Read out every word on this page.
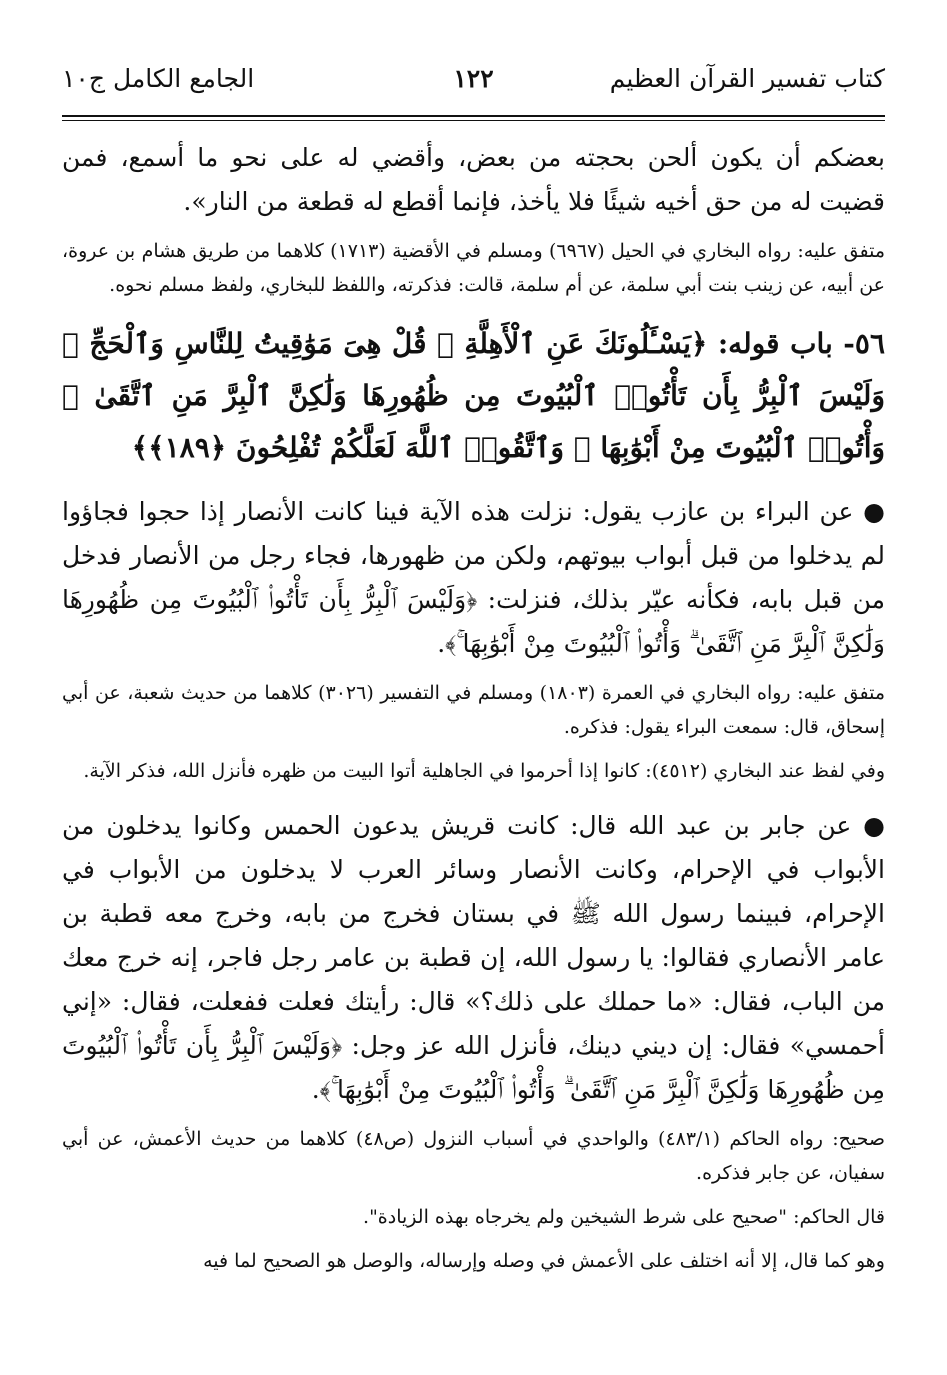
كتاب تفسير القرآن العظيم
١٢٢
الجامع الكامل ج١٠

بعضكم أن يكون ألحن بحجته من بعض، وأقضي له على نحو ما أسمع، فمن قضيت له من حق أخيه شيئًا فلا يأخذ، فإنما أقطع له قطعة من النار».

متفق عليه: رواه البخاري في الحيل (٦٩٦٧) ومسلم في الأقضية (١٧١٣) كلاهما من طريق هشام بن عروة، عن أبيه، عن زينب بنت أبي سلمة، عن أم سلمة، قالت: فذكرته، واللفظ للبخاري، ولفظ مسلم نحوه.

٥٦- باب قوله: ﴿يَسْـَٔلُونَكَ عَنِ ٱلْأَهِلَّةِ ۖ قُلْ هِىَ مَوَٰقِيتُ لِلنَّاسِ وَٱلْحَجِّ ۗ وَلَيْسَ ٱلْبِرُّ بِأَن تَأْتُوا۟ ٱلْبُيُوتَ مِن ظُهُورِهَا وَلَٰكِنَّ ٱلْبِرَّ مَنِ ٱتَّقَىٰ ۗ وَأْتُوا۟ ٱلْبُيُوتَ مِنْ أَبْوَٰبِهَا ۚ وَٱتَّقُوا۟ ٱللَّهَ لَعَلَّكُمْ تُفْلِحُونَ ﴿١٨٩﴾﴾

● عن البراء بن عازب يقول: نزلت هذه الآية فينا كانت الأنصار إذا حجوا فجاؤوا لم يدخلوا من قبل أبواب بيوتهم، ولكن من ظهورها، فجاء رجل من الأنصار فدخل من قبل بابه، فكأنه عيّر بذلك، فنزلت: ﴿وَلَيْسَ ٱلْبِرُّ بِأَن تَأْتُوا۟ ٱلْبُيُوتَ مِن ظُهُورِهَا وَلَٰكِنَّ ٱلْبِرَّ مَنِ ٱتَّقَىٰ ۗ وَأْتُوا۟ ٱلْبُيُوتَ مِنْ أَبْوَٰبِهَا ۚ﴾.

متفق عليه: رواه البخاري في العمرة (١٨٠٣) ومسلم في التفسير (٣٠٢٦) كلاهما من حديث شعبة، عن أبي إسحاق، قال: سمعت البراء يقول: فذكره.

وفي لفظ عند البخاري (٤٥١٢): كانوا إذا أحرموا في الجاهلية أتوا البيت من ظهره فأنزل الله، فذكر الآية.

● عن جابر بن عبد الله قال: كانت قريش يدعون الحمس وكانوا يدخلون من الأبواب في الإحرام، وكانت الأنصار وسائر العرب لا يدخلون من الأبواب في الإحرام، فبينما رسول الله ﷺ في بستان فخرج من بابه، وخرج معه قطبة بن عامر الأنصاري فقالوا: يا رسول الله، إن قطبة بن عامر رجل فاجر، إنه خرج معك من الباب، فقال: «ما حملك على ذلك؟» قال: رأيتك فعلت ففعلت، فقال: «إني أحمسي» فقال: إن ديني دينك، فأنزل الله عز وجل: ﴿وَلَيْسَ ٱلْبِرُّ بِأَن تَأْتُوا۟ ٱلْبُيُوتَ مِن ظُهُورِهَا وَلَٰكِنَّ ٱلْبِرَّ مَنِ ٱتَّقَىٰ ۗ وَأْتُوا۟ ٱلْبُيُوتَ مِنْ أَبْوَٰبِهَا ۚ﴾.

صحيح: رواه الحاكم (٤٨٣/١) والواحدي في أسباب النزول (ص٤٨) كلاهما من حديث الأعمش، عن أبي سفيان، عن جابر فذكره.

قال الحاكم: "صحيح على شرط الشيخين ولم يخرجاه بهذه الزيادة".

وهو كما قال، إلا أنه اختلف على الأعمش في وصله وإرساله، والوصل هو الصحيح لما فيه
